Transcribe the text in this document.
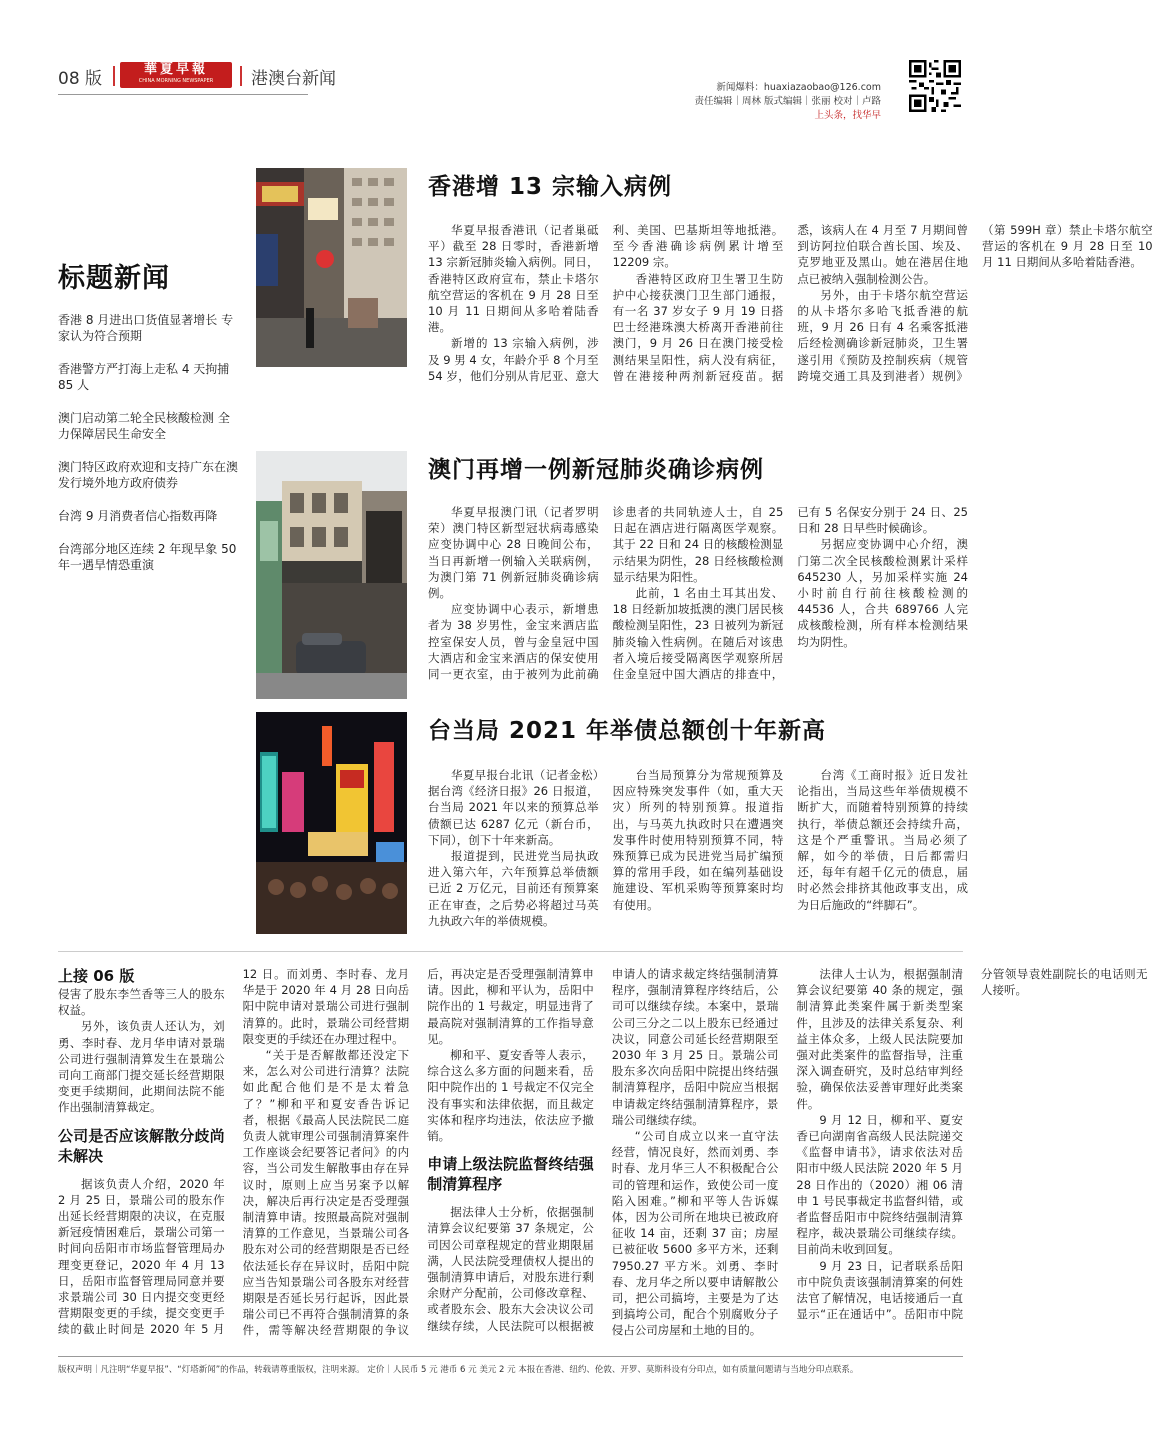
08 版	華夏早報
CHINA MORNING NEWSPAPER	港澳台新闻	新闻爆料：huaxiazaobao@126.com
责任编辑｜周林 版式编辑｜张丽 校对｜卢路
上头条，找华早
标题新闻
香港 8 月进出口货值显著增长 专家认为符合预期
香港警方严打海上走私 4 天拘捕 85 人
澳门启动第二轮全民核酸检测 全力保障居民生命安全
澳门特区政府欢迎和支持广东在澳发行境外地方政府债券
台湾 9 月消费者信心指数再降
台湾部分地区连续 2 年现旱象 50 年一遇旱情恐重演
香港增 13 宗输入病例

华夏早报香港讯（记者巢砥平）截至 28 日零时，香港新增 13 宗新冠肺炎输入病例。同日，香港特区政府宣布，禁止卡塔尔航空营运的客机在 9 月 28 日至 10 月 11 日期间从多哈着陆香港。

新增的 13 宗输入病例，涉及 9 男 4 女，年龄介乎 8 个月至 54 岁，他们分别从肯尼亚、意大利、美国、巴基斯坦等地抵港。至今香港确诊病例累计增至 12209 宗。

香港特区政府卫生署卫生防护中心接获澳门卫生部门通报，有一名 37 岁女子 9 月 19 日搭巴士经港珠澳大桥离开香港前往澳门，9 月 26 日在澳门接受检测结果呈阳性，病人没有病征，曾在港接种两剂新冠疫苗。据悉，该病人在 4 月至 7 月期间曾到访阿拉伯联合酋长国、埃及、克罗地亚及黑山。她在港居住地点已被纳入强制检测公告。

另外，由于卡塔尔航空营运的从卡塔尔多哈飞抵香港的航班，9 月 26 日有 4 名乘客抵港后经检测确诊新冠肺炎，卫生署遂引用《预防及控制疾病（规管跨境交通工具及到港者）规例》（第 599H 章）禁止卡塔尔航空营运的客机在 9 月 28 日至 10 月 11 日期间从多哈着陆香港。

澳门再增一例新冠肺炎确诊病例

华夏早报澳门讯（记者罗明荣）澳门特区新型冠状病毒感染应变协调中心 28 日晚间公布，当日再新增一例输入关联病例，为澳门第 71 例新冠肺炎确诊病例。

应变协调中心表示，新增患者为 38 岁男性，金宝来酒店监控室保安人员，曾与金皇冠中国大酒店和金宝来酒店的保安使用同一更衣室，由于被列为此前确诊患者的共同轨迹人士，自 25 日起在酒店进行隔离医学观察。其于 22 日和 24 日的核酸检测显示结果为阴性，28 日经核酸检测显示结果为阳性。

此前，1 名由土耳其出发、18 日经新加坡抵澳的澳门居民核酸检测呈阳性，23 日被列为新冠肺炎输入性病例。在随后对该患者入境后接受隔离医学观察所居住金皇冠中国大酒店的排查中，已有 5 名保安分别于 24 日、25 日和 28 日早些时候确诊。

另据应变协调中心介绍，澳门第二次全民核酸检测累计采样 645230 人，另加采样实施 24 小时前自行前往核酸检测的 44536 人，合共 689766 人完成核酸检测，所有样本检测结果均为阴性。

台当局 2021 年举债总额创十年新高

华夏早报台北讯（记者金松）据台湾《经济日报》26 日报道，台当局 2021 年以来的预算总举债额已达 6287 亿元（新台币，下同），创下十年来新高。

报道提到，民进党当局执政进入第六年，六年预算总举债额已近 2 万亿元，目前还有预算案正在审查，之后势必将超过马英九执政六年的举债规模。

台当局预算分为常规预算及因应特殊突发事件（如，重大天灾）所列的特别预算。报道指出，与马英九执政时只在遭遇突发事件时使用特别预算不同，特殊预算已成为民进党当局扩编预算的常用手段，如在编列基础设施建设、军机采购等预算案时均有使用。

台湾《工商时报》近日发社论指出，当局这些年举债规模不断扩大，而随着特别预算的持续执行，举债总额还会持续升高，这是个严重警讯。当局必须了解，如今的举债，日后都需归还，每年有超千亿元的债息，届时必然会排挤其他政事支出，成为日后施政的“绊脚石”。

上接 06 版

侵害了股东李竺香等三人的股东权益。

另外，该负责人还认为，刘勇、李时春、龙月华申请对景瑞公司进行强制清算发生在景瑞公司向工商部门提交延长经营期限变更手续期间，此期间法院不能作出强制清算裁定。

公司是否应该解散分歧尚未解决

据该负责人介绍，2020 年 2 月 25 日，景瑞公司的股东作出延长经营期限的决议，在克服新冠疫情困难后，景瑞公司第一时间向岳阳市市场监督管理局办理变更登记，2020 年 4 月 13 日，岳阳市监督管理局同意并要求景瑞公司 30 日内提交变更经营期限变更的手续，提交变更手续的截止时间是 2020 年 5 月 12 日。而刘勇、李时春、龙月华是于 2020 年 4 月 28 日向岳阳中院申请对景瑞公司进行强制清算的。此时，景瑞公司经营期限变更的手续还在办理过程中。

“关于是否解散都还没定下来，怎么对公司进行清算？法院如此配合他们是不是太着急了？”柳和平和夏安香告诉记者，根据《最高人民法院民二庭负责人就审理公司强制清算案件工作座谈会纪要答记者问》的内容，当公司发生解散事由存在异议时，原则上应当另案予以解决，解决后再行决定是否受理强制清算申请。按照最高院对强制清算的工作意见，当景瑞公司各股东对公司的经营期限是否已经依法延长存在异议时，岳阳中院应当告知景瑞公司各股东对经营期限是否延长另行起诉，因此景瑞公司已不再符合强制清算的条件，需等解决经营期限的争议后，再决定是否受理强制清算申请。因此，柳和平认为，岳阳中院作出的 1 号裁定，明显违背了最高院对强制清算的工作指导意见。

柳和平、夏安香等人表示，综合这么多方面的问题来看，岳阳中院作出的 1 号裁定不仅完全没有事实和法律依据，而且裁定实体和程序均违法，依法应予撤销。

申请上级法院监督终结强制清算程序

据法律人士分析，依据强制清算会议纪要第 37 条规定，公司因公司章程规定的营业期限届满，人民法院受理债权人提出的强制清算申请后，对股东进行剩余财产分配前，公司修改章程、或者股东会、股东大会决议公司继续存续，人民法院可以根据被申请人的请求裁定终结强制清算程序，强制清算程序终结后，公司可以继续存续。本案中，景瑞公司三分之二以上股东已经通过决议，同意公司延长经营期限至 2030 年 3 月 25 日。景瑞公司股东多次向岳阳中院提出终结强制清算程序，岳阳中院应当根据申请裁定终结强制清算程序，景瑞公司继续存续。

“公司自成立以来一直守法经营，情况良好，然而刘勇、李时春、龙月华三人不积极配合公司的管理和运作，致使公司一度陷入困难。”柳和平等人告诉媒体，因为公司所在地块已被政府征收 14 亩，还剩 37 亩；房屋已被征收 5600 多平方米，还剩 7950.27 平方米。刘勇、李时春、龙月华之所以要申请解散公司，把公司搞垮，主要是为了达到搞垮公司，配合个别腐败分子侵占公司房屋和土地的目的。

法律人士认为，根据强制清算会议纪要第 40 条的规定，强制清算此类案件属于新类型案件，且涉及的法律关系复杂、利益主体众多，上级人民法院要加强对此类案件的监督指导，注重深入调查研究，及时总结审判经验，确保依法妥善审理好此类案件。

9 月 12 日，柳和平、夏安香已向湖南省高级人民法院递交《监督申请书》，请求依法对岳阳市中级人民法院 2020 年 5 月 28 日作出的（2020）湘 06 清申 1 号民事裁定书监督纠错，或者监督岳阳市中院终结强制清算程序，裁决景瑞公司继续存续。目前尚未收到回复。

9 月 23 日，记者联系岳阳市中院负责该强制清算案的何姓法官了解情况，电话接通后一直显示“正在通话中”。岳阳市中院分管领导袁姓副院长的电话则无人接听。

版权声明｜凡注明“华夏早报”、“灯塔新闻”的作品，转载请尊重版权，注明来源。 定价｜人民币 5 元 港币 6 元 美元 2 元 本报在香港、纽约、伦敦、开罗、莫斯科设有分印点，如有质量问题请与当地分印点联系。
